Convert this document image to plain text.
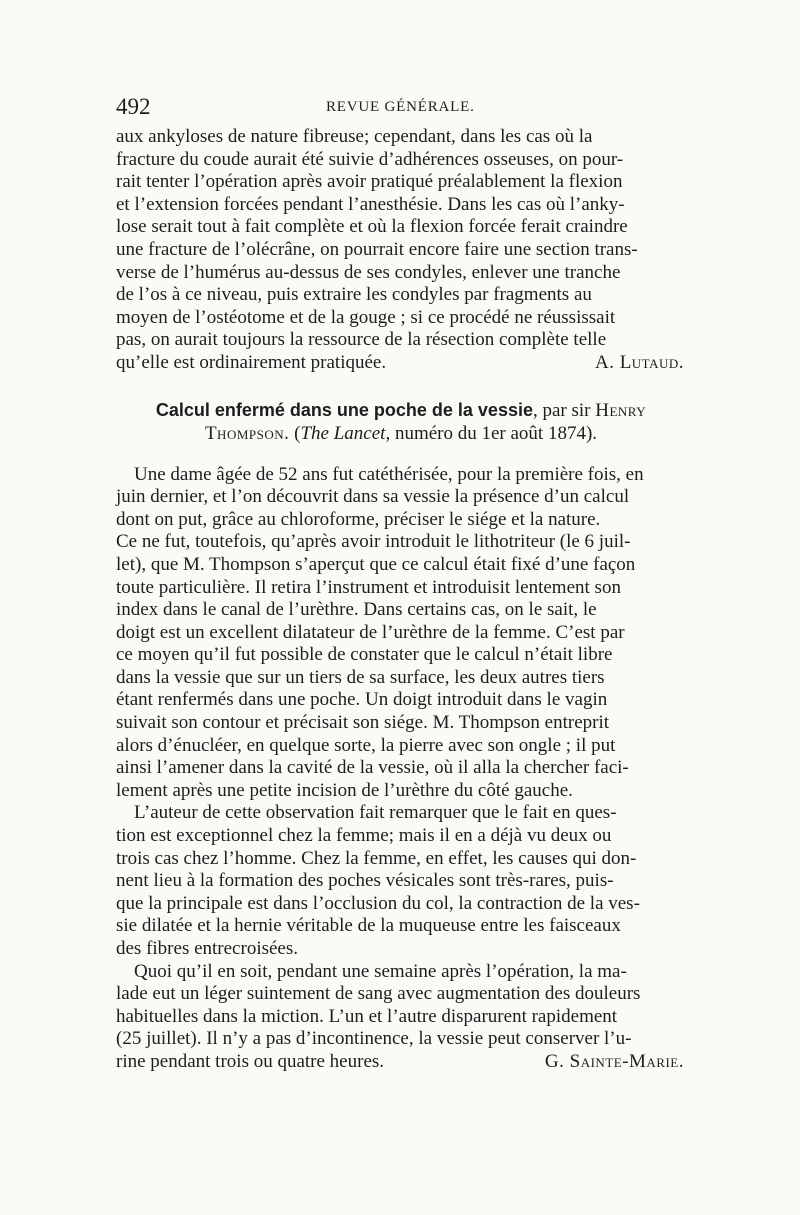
492	REVUE GÉNÉRALE.

aux ankyloses de nature fibreuse; cependant, dans les cas où la

fracture du coude aurait été suivie d’adhérences osseuses, on pour-

rait tenter l’opération après avoir pratiqué préalablement la flexion

et l’extension forcées pendant l’anesthésie. Dans les cas où l’anky-

lose serait tout à fait complète et où la flexion forcée ferait craindre

une fracture de l’olécrâne, on pourrait encore faire une section trans-

verse de l’humérus au-dessus de ses condyles, enlever une tranche

de l’os à ce niveau, puis extraire les condyles par fragments au

moyen de l’ostéotome et de la gouge ; si ce procédé ne réussissait

pas, on aurait toujours la ressource de la résection complète telle

qu’elle est ordinairement pratiquée.	A. Lutaud.

Calcul enfermé dans une poche de la vessie, par sir Henry
Thompson. (The Lancet, numéro du 1er août 1874).

Une dame âgée de 52 ans fut catéthérisée, pour la première fois, en

juin dernier, et l’on découvrit dans sa vessie la présence d’un calcul

dont on put, grâce au chloroforme, préciser le siége et la nature.

Ce ne fut, toutefois, qu’après avoir introduit le lithotriteur (le 6 juil-

let), que M. Thompson s’aperçut que ce calcul était fixé d’une façon

toute particulière. Il retira l’instrument et introduisit lentement son

index dans le canal de l’urèthre. Dans certains cas, on le sait, le

doigt est un excellent dilatateur de l’urèthre de la femme. C’est par

ce moyen qu’il fut possible de constater que le calcul n’était libre

dans la vessie que sur un tiers de sa surface, les deux autres tiers

étant renfermés dans une poche. Un doigt introduit dans le vagin

suivait son contour et précisait son siége. M. Thompson entreprit

alors d’énucléer, en quelque sorte, la pierre avec son ongle ; il put

ainsi l’amener dans la cavité de la vessie, où il alla la chercher faci-

lement après une petite incision de l’urèthre du côté gauche.

L’auteur de cette observation fait remarquer que le fait en ques-

tion est exceptionnel chez la femme; mais il en a déjà vu deux ou

trois cas chez l’homme. Chez la femme, en effet, les causes qui don-

nent lieu à la formation des poches vésicales sont très-rares, puis-

que la principale est dans l’occlusion du col, la contraction de la ves-

sie dilatée et la hernie véritable de la muqueuse entre les faisceaux

des fibres entrecroisées.

Quoi qu’il en soit, pendant une semaine après l’opération, la ma-

lade eut un léger suintement de sang avec augmentation des douleurs

habituelles dans la miction. L’un et l’autre disparurent rapidement

(25 juillet). Il n’y a pas d’incontinence, la vessie peut conserver l’u-

rine pendant trois ou quatre heures.	G. Sainte-Marie.
